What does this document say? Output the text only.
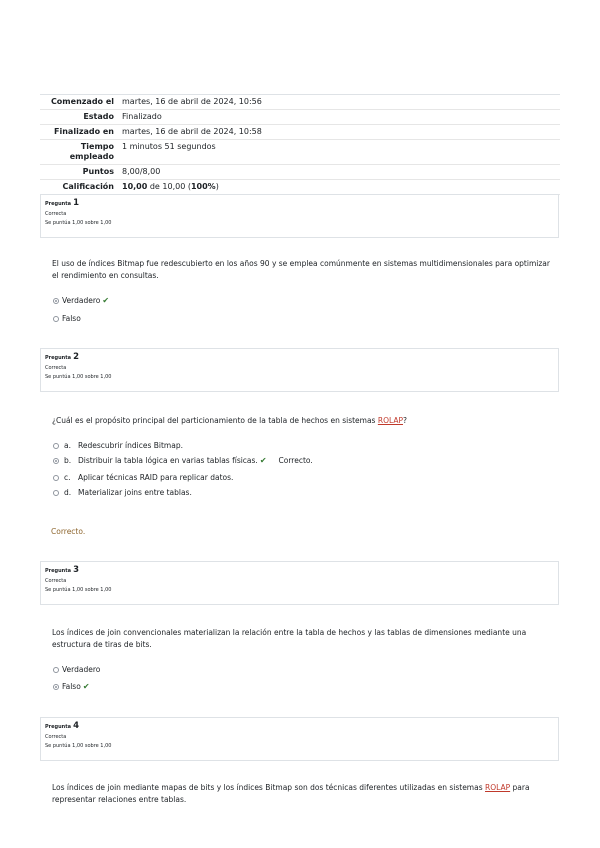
Comenzado el	martes, 16 de abril de 2024, 10:56
Estado	Finalizado
Finalizado en	martes, 16 de abril de 2024, 10:58
Tiempo empleado	1 minutos 51 segundos
Puntos	8,00/8,00
Calificación	10,00 de 10,00 (100%)
Pregunta 1
Correcta
Se puntúa 1,00 sobre 1,00
El uso de índices Bitmap fue redescubierto en los años 90 y se emplea comúnmente en sistemas multidimensionales para optimizar el rendimiento en consultas.
Verdadero ✔
Falso
Pregunta 2
Correcta
Se puntúa 1,00 sobre 1,00
¿Cuál es el propósito principal del particionamiento de la tabla de hechos en sistemas ROLAP?
a. Redescubrir índices Bitmap.
b. Distribuir la tabla lógica en varias tablas físicas. ✔ Correcto.
c. Aplicar técnicas RAID para replicar datos.
d. Materializar joins entre tablas.
Correcto.
Pregunta 3
Correcta
Se puntúa 1,00 sobre 1,00
Los índices de join convencionales materializan la relación entre la tabla de hechos y las tablas de dimensiones mediante una estructura de tiras de bits.
Verdadero
Falso ✔
Pregunta 4
Correcta
Se puntúa 1,00 sobre 1,00
Los índices de join mediante mapas de bits y los índices Bitmap son dos técnicas diferentes utilizadas en sistemas ROLAP para representar relaciones entre tablas.
